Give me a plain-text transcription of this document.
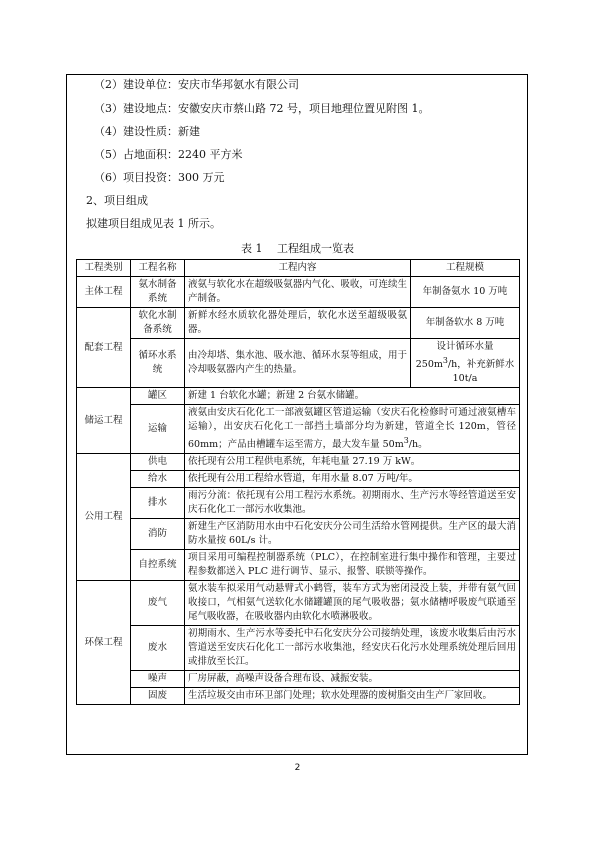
（2）建设单位：安庆市华邦氨水有限公司
（3）建设地点：安徽安庆市蔡山路 72 号，项目地理位置见附图 1。
（4）建设性质：新建
（5）占地面积：2240 平方米
（6）项目投资：300 万元
2、项目组成
拟建项目组成见表 1 所示。
表 1　 工程组成一览表
工程类别	工程名称	工程内容	工程规模
主体工程	氨水制备系统	液氨与软化水在超级吸氨器内气化、吸收，可连续生产制备。	年制备氨水 10 万吨
配套工程	软化水制备系统	新鲜水经水质软化器处理后，软化水送至超级吸氨器。	年制备软水 8 万吨
	循环水系统	由冷却塔、集水池、吸水池、循环水泵等组成，用于冷却吸氨器内产生的热量。	设计循环水量 $250m^3/h$，补充新鲜水 10t/a
储运工程	罐区	新建 1 台软化水罐；新建 2 台氨水储罐。	
	运输	液氨由安庆石化化工一部液氨罐区管道运输（安庆石化检修时可通过液氨槽车运输），出安庆石化化工一部挡土墙部分均为新建，管道全长 120m，管径 60mm；产品由槽罐车运至需方，最大发车量 $50m^3/h$。	
公用工程	供电	依托现有公用工程供电系统，年耗电量 27.19 万 kW。	
	给水	依托现有公用工程给水管道，年用水量 8.07 万吨/年。	
	排水	雨污分流：依托现有公用工程污水系统。初期雨水、生产污水等经管道送至安庆石化化工一部污水收集池。	
	消防	新建生产区消防用水由中石化安庆分公司生活给水管网提供。生产区的最大消防水量按 60L/s 计。	
	自控系统	项目采用可编程控制器系统（PLC），在控制室进行集中操作和管理，主要过程参数都送入 PLC 进行调节、显示、报警、联锁等操作。	
环保工程	废气	氨水装车拟采用气动悬臂式小鹤管，装车方式为密闭浸没上装，并带有氨气回收接口，气相氨气送软化水储罐罐顶的尾气吸收器；氨水储槽呼吸废气联通至尾气吸收器，在吸收器内由软化水喷淋吸收。	
	废水	初期雨水、生产污水等委托中石化安庆分公司接纳处理，该废水收集后由污水管道送至安庆石化化工一部污水收集池，经安庆石化污水处理系统处理后回用或排放至长江。	
	噪声	厂房屏蔽，高噪声设备合理布设、减振安装。	
	固废	生活垃圾交由市环卫部门处理；软水处理器的废树脂交由生产厂家回收。	
2
